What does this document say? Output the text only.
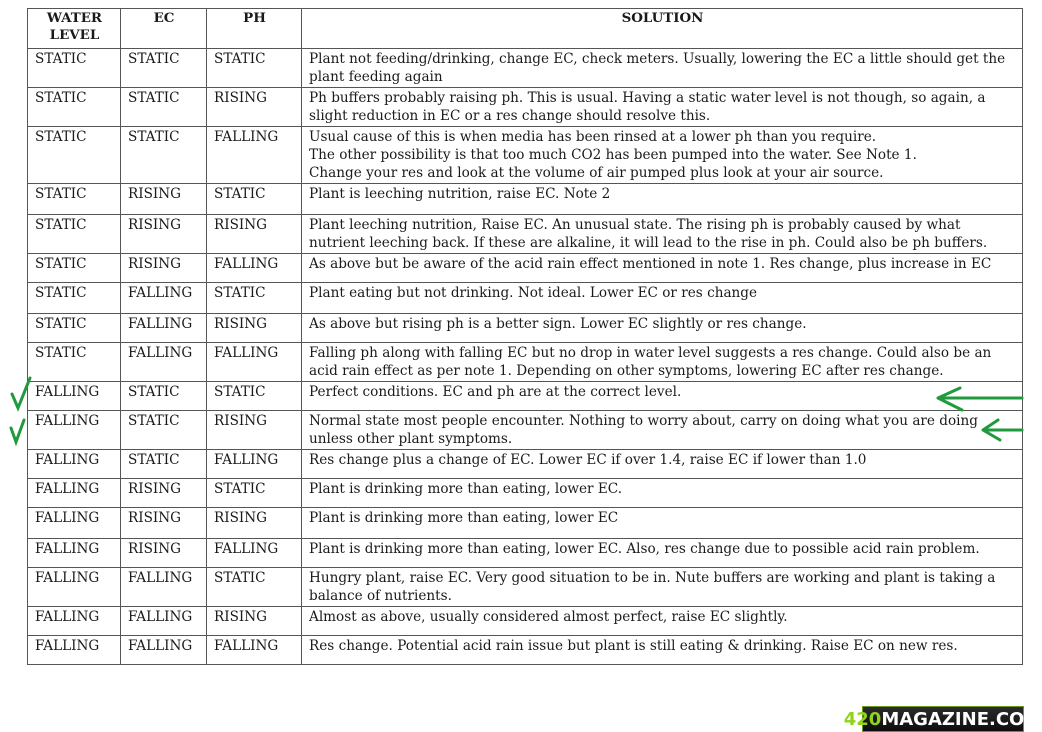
WATER LEVEL	EC	PH	SOLUTION
STATIC	STATIC	STATIC	Plant not feeding/drinking, change EC, check meters. Usually, lowering the EC a little should get the plant feeding again

STATIC	STATIC	RISING	Ph buffers probably raising ph. This is usual. Having a static water level is not though, so again, a slight reduction in EC or a res change should resolve this.

STATIC	STATIC	FALLING	Usual cause of this is when media has been rinsed at a lower ph than you require.
The other possibility is that too much CO2 has been pumped into the water. See Note 1.
Change your res and look at the volume of air pumped plus look at your air source.

STATIC	RISING	STATIC	Plant is leeching nutrition, raise EC. Note 2

STATIC	RISING	RISING	Plant leeching nutrition, Raise EC. An unusual state. The rising ph is probably caused by what nutrient leeching back. If these are alkaline, it will lead to the rise in ph. Could also be ph buffers.

STATIC	RISING	FALLING	As above but be aware of the acid rain effect mentioned in note 1. Res change, plus increase in EC

STATIC	FALLING	STATIC	Plant eating but not drinking. Not ideal. Lower EC or res change

STATIC	FALLING	RISING	As above but rising ph is a better sign. Lower EC slightly or res change.

STATIC	FALLING	FALLING	Falling ph along with falling EC but no drop in water level suggests a res change. Could also be an acid rain effect as per note 1. Depending on other symptoms, lowering EC after res change.

FALLING	STATIC	STATIC	Perfect conditions. EC and ph are at the correct level.

FALLING	STATIC	RISING	Normal state most people encounter. Nothing to worry about, carry on doing what you are doing unless other plant symptoms.

FALLING	STATIC	FALLING	Res change plus a change of EC. Lower EC if over 1.4, raise EC if lower than 1.0

FALLING	RISING	STATIC	Plant is drinking more than eating, lower EC.

FALLING	RISING	RISING	Plant is drinking more than eating, lower EC

FALLING	RISING	FALLING	Plant is drinking more than eating, lower EC. Also, res change due to possible acid rain problem.

FALLING	FALLING	STATIC	Hungry plant, raise EC. Very good situation to be in. Nute buffers are working and plant is taking a balance of nutrients.

FALLING	FALLING	RISING	Almost as above, usually considered almost perfect, raise EC slightly.

FALLING	FALLING	FALLING	Res change. Potential acid rain issue but plant is still eating & drinking. Raise EC on new res.
420 MAGAZINE.COM
